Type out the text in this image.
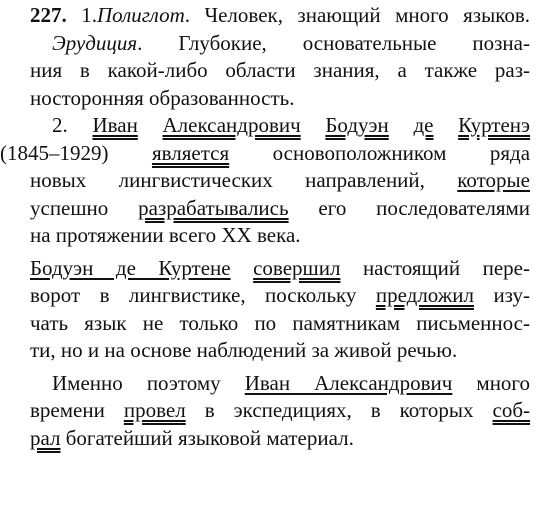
227. 1.Полиглот. Человек, знающий много языков.
Эрудиция. Глубокие, основательные позна-
ния в какой-либо области знания, а также раз-
носторонняя образованность.
2. Иван Александрович Бодуэн де Куртенэ
(1845–1929) является основоположником ряда
новых лингвистических направлений, которые
успешно разрабатывались его последователями
на протяжении всего XX века.
Бодуэн де Куртене совершил настоящий пере-
ворот в лингвистике, поскольку предложил изу-
чать язык не только по памятникам письменнос-
ти, но и на основе наблюдений за живой речью.
Именно поэтому Иван Александрович много
времени провел в экспедициях, в которых соб-
рал богатейший языковой материал.
